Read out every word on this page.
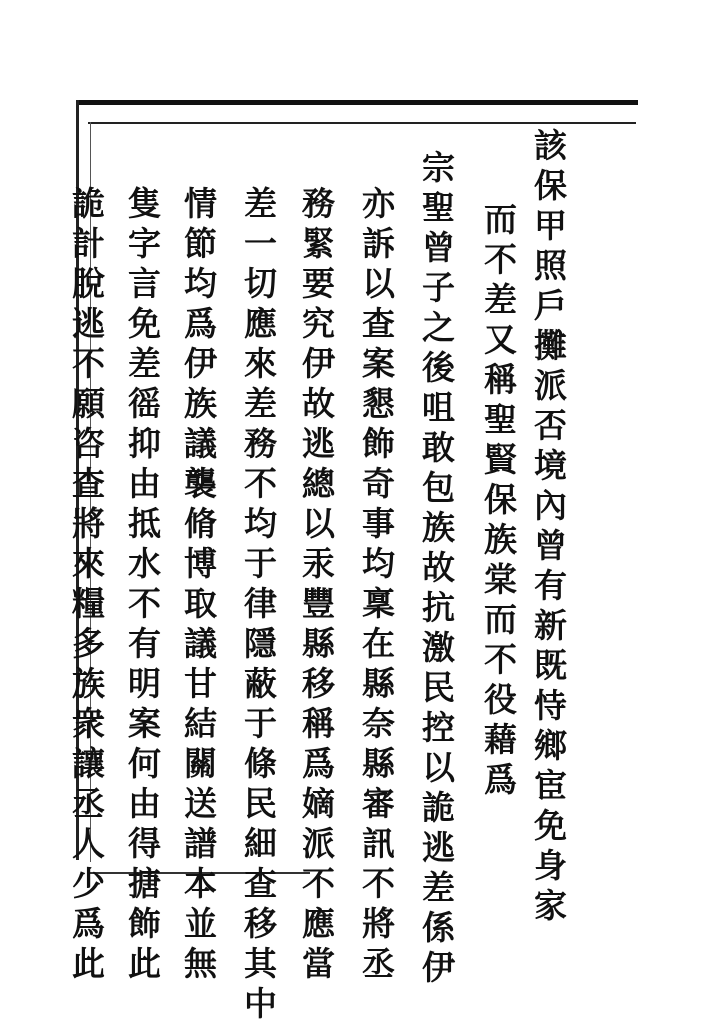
該保甲照戶攤派否境內曾有新既恃鄉宦免身家
而不差又稱聖賢保族棠而不役藉爲
宗聖曾子之後咀敢包族故抗激民控以詭逃差係伊
亦訴以查案懇飾奇事均稟在縣奈縣審訊不將丞
務緊要究伊故逃總以汞豐縣移稱爲嫡派不應當
差一切應來差務不均于律隱蔽于條民細查移其中
情節均爲伊族議襲脩博取議甘結關送譜本並無
隻字言免差徭抑由抵水不有明案何由得搪飾此
詭計脫逃不願咨查將來糧多族衆讓丞人少爲此
